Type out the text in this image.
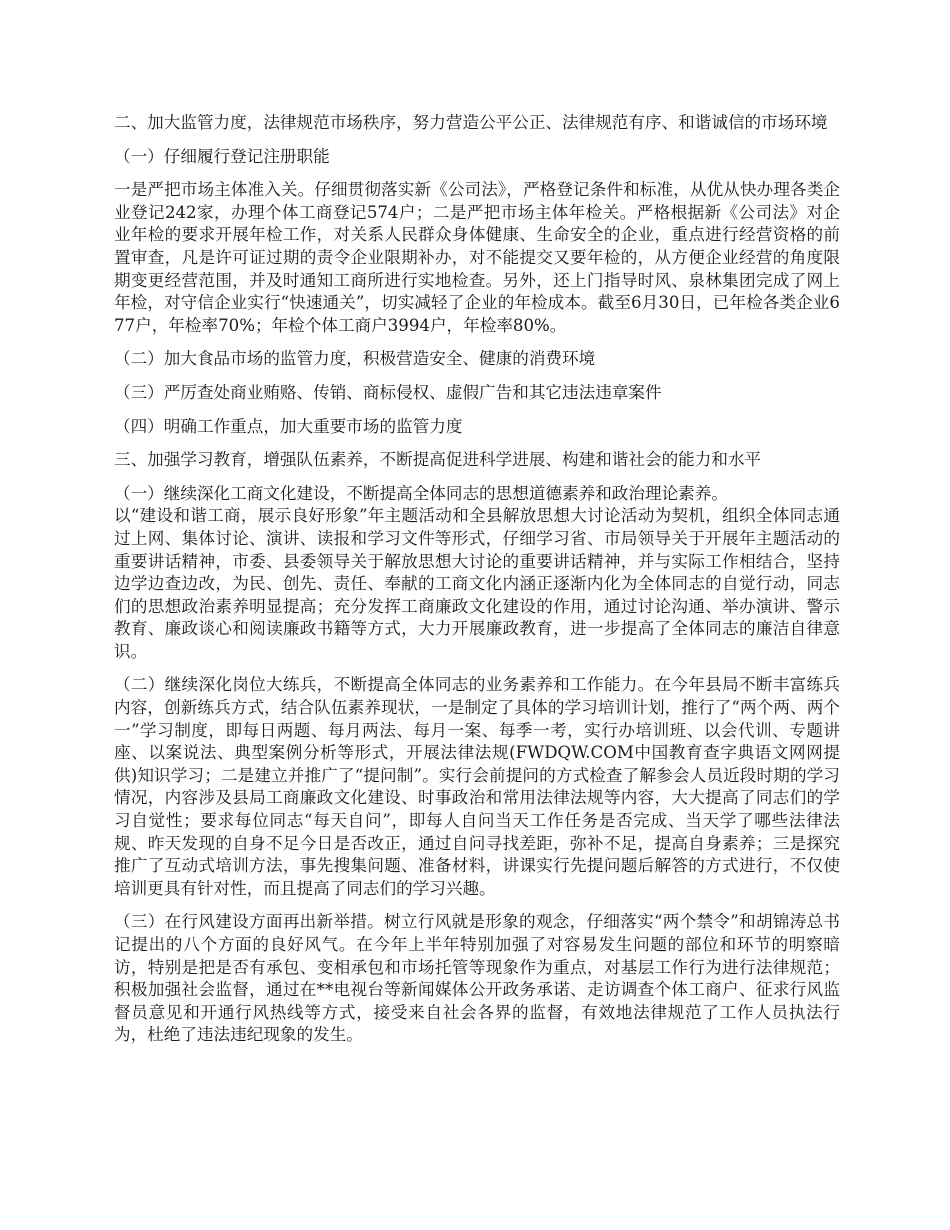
二、加大监管力度，法律规范市场秩序，努力营造公平公正、法律规范有序、和谐诚信的市场环境

（一）仔细履行登记注册职能

一是严把市场主体准入关。仔细贯彻落实新《公司法》，严格登记条件和标准，从优从快办理各类企业登记242家，办理个体工商登记574户；二是严把市场主体年检关。严格根据新《公司法》对企业年检的要求开展年检工作，对关系人民群众身体健康、生命安全的企业，重点进行经营资格的前置审查，凡是许可证过期的责令企业限期补办，对不能提交又要年检的，从方便企业经营的角度限期变更经营范围，并及时通知工商所进行实地检查。另外，还上门指导时风、泉林集团完成了网上年检，对守信企业实行“快速通关”，切实减轻了企业的年检成本。截至6月30日，已年检各类企业677户，年检率70%；年检个体工商户3994户，年检率80%。

（二）加大食品市场的监管力度，积极营造安全、健康的消费环境

（三）严厉查处商业贿赂、传销、商标侵权、虚假广告和其它违法违章案件

（四）明确工作重点，加大重要市场的监管力度

三、加强学习教育，增强队伍素养，不断提高促进科学进展、构建和谐社会的能力和水平

（一）继续深化工商文化建设，不断提高全体同志的思想道德素养和政治理论素养。

以“建设和谐工商，展示良好形象”年主题活动和全县解放思想大讨论活动为契机，组织全体同志通过上网、集体讨论、演讲、读报和学习文件等形式，仔细学习省、市局领导关于开展年主题活动的重要讲话精神，市委、县委领导关于解放思想大讨论的重要讲话精神，并与实际工作相结合，坚持边学边查边改，为民、创先、责任、奉献的工商文化内涵正逐渐内化为全体同志的自觉行动，同志们的思想政治素养明显提高；充分发挥工商廉政文化建设的作用，通过讨论沟通、举办演讲、警示教育、廉政谈心和阅读廉政书籍等方式，大力开展廉政教育，进一步提高了全体同志的廉洁自律意识。

（二）继续深化岗位大练兵，不断提高全体同志的业务素养和工作能力。在今年县局不断丰富练兵内容，创新练兵方式，结合队伍素养现状，一是制定了具体的学习培训计划，推行了“两个两、两个一”学习制度，即每日两题、每月两法、每月一案、每季一考，实行办培训班、以会代训、专题讲座、以案说法、典型案例分析等形式，开展法律法规(FWDQW.COM中国教育查字典语文网网提供)知识学习；二是建立并推广了“提问制”。实行会前提问的方式检查了解参会人员近段时期的学习情况，内容涉及县局工商廉政文化建设、时事政治和常用法律法规等内容，大大提高了同志们的学习自觉性；要求每位同志“每天自问”，即每人自问当天工作任务是否完成、当天学了哪些法律法规、昨天发现的自身不足今日是否改正，通过自问寻找差距，弥补不足，提高自身素养；三是探究推广了互动式培训方法，事先搜集问题、准备材料，讲课实行先提问题后解答的方式进行，不仅使培训更具有针对性，而且提高了同志们的学习兴趣。

（三）在行风建设方面再出新举措。树立行风就是形象的观念，仔细落实“两个禁令”和胡锦涛总书记提出的八个方面的良好风气。在今年上半年特别加强了对容易发生问题的部位和环节的明察暗访，特别是把是否有承包、变相承包和市场托管等现象作为重点，对基层工作行为进行法律规范；积极加强社会监督，通过在**电视台等新闻媒体公开政务承诺、走访调查个体工商户、征求行风监督员意见和开通行风热线等方式，接受来自社会各界的监督，有效地法律规范了工作人员执法行为，杜绝了违法违纪现象的发生。
